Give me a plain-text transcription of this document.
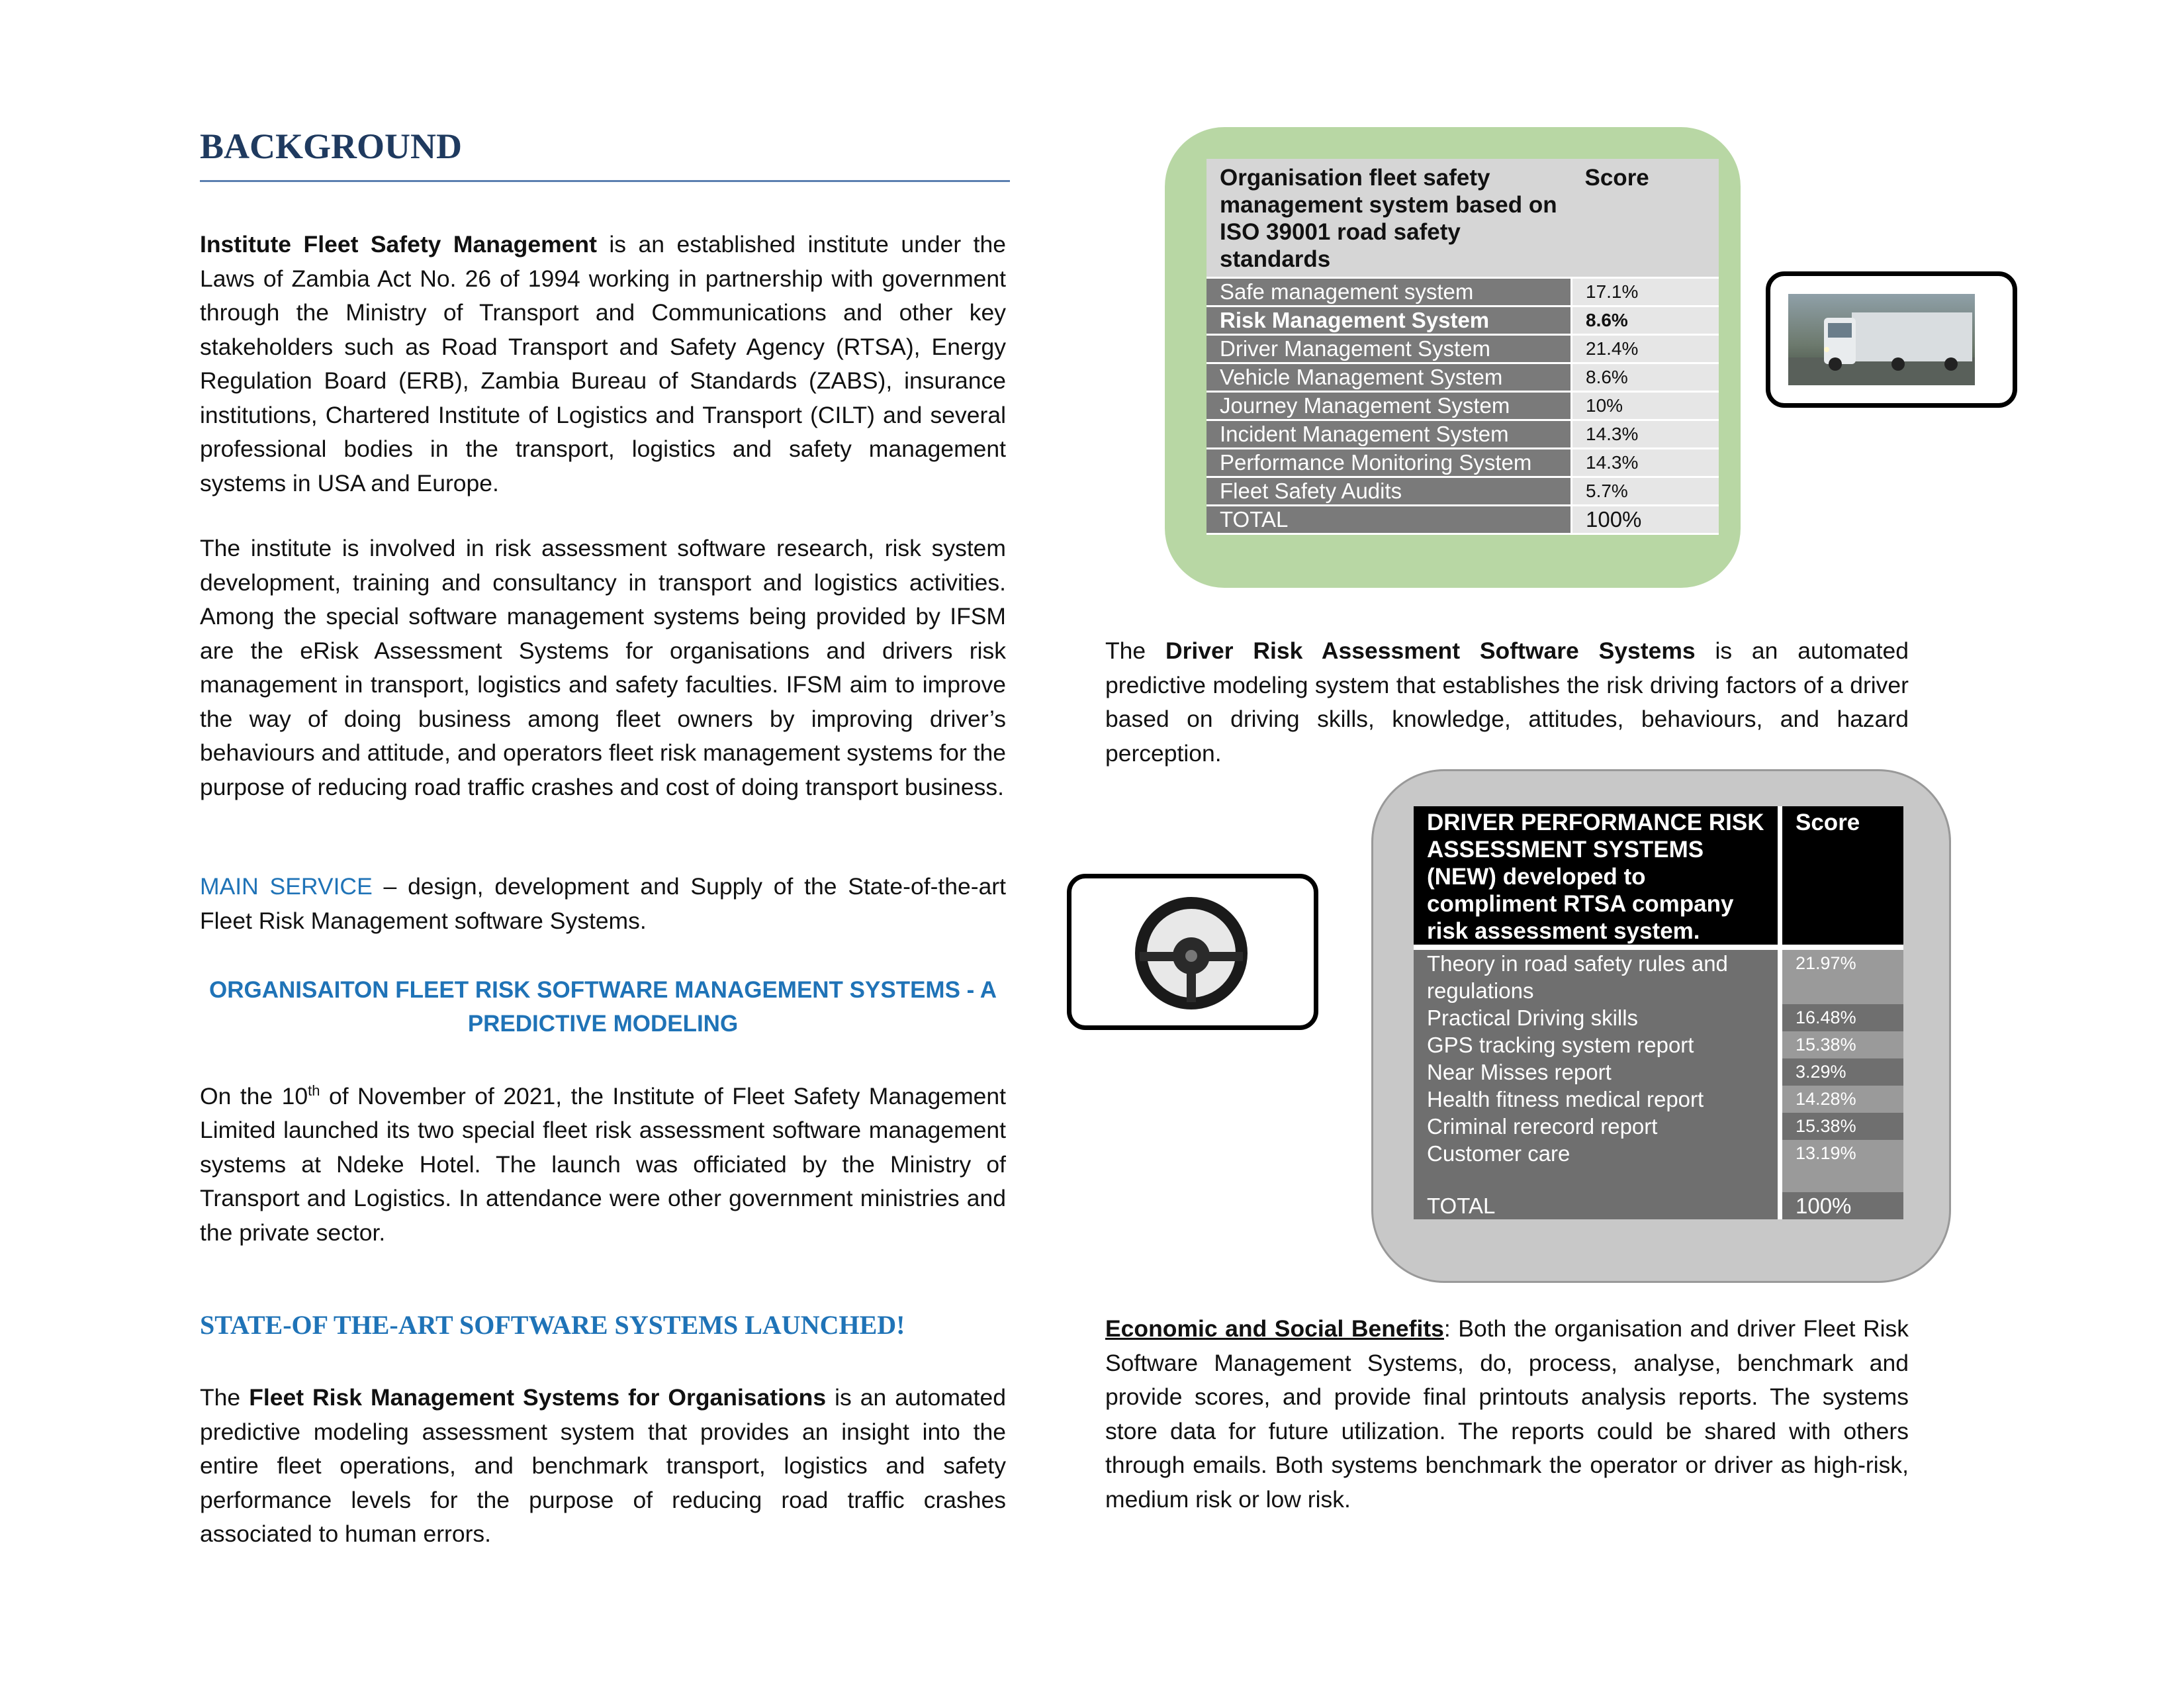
BACKGROUND

Institute Fleet Safety Management is an established institute under the Laws of Zambia Act No. 26 of 1994 working in partnership with government through the Ministry of Transport and Communications and other key stakeholders such as Road Transport and Safety Agency (RTSA), Energy Regulation Board (ERB), Zambia Bureau of Standards (ZABS), insurance institutions, Chartered Institute of Logistics and Transport (CILT) and several professional bodies in the transport, logistics and safety management systems in USA and Europe.

The institute is involved in risk assessment software research, risk system development, training and consultancy in transport and logistics activities. Among the special software management systems being provided by IFSM are the eRisk Assessment Systems for organisations and drivers risk management in transport, logistics and safety faculties. IFSM aim to improve the way of doing business among fleet owners by improving driver’s behaviours and attitude, and operators fleet risk management systems for the purpose of reducing road traffic crashes and cost of doing transport business.

MAIN SERVICE – design, development and Supply of the State-of-the-art Fleet Risk Management software Systems.

ORGANISAITON FLEET RISK SOFTWARE MANAGEMENT SYSTEMS - A
PREDICTIVE MODELING

On the 10th of November of 2021, the Institute of Fleet Safety Management Limited launched its two special fleet risk assessment software management systems at Ndeke Hotel. The launch was officiated by the Ministry of Transport and Logistics. In attendance were other government ministries and the private sector.

STATE-OF THE-ART SOFTWARE SYSTEMS LAUNCHED!

The Fleet Risk Management Systems for Organisations is an automated predictive modeling assessment system that provides an insight into the entire fleet operations, and benchmark transport, logistics and safety performance levels for the purpose of reducing road traffic crashes associated to human errors.

Organisation fleet safety management system based on ISO 39001 road safety standards	Score
Safe management system	17.1%
Risk Management System	8.6%
Driver Management System	21.4%
Vehicle Management System	8.6%
Journey Management System	10%
Incident Management System	14.3%
Performance Monitoring System	14.3%
Fleet Safety Audits	5.7%
TOTAL	100%

The Driver Risk Assessment Software Systems is an automated predictive modeling system that establishes the risk driving factors of a driver based on driving skills, knowledge, attitudes, behaviours, and hazard perception.

DRIVER PERFORMANCE RISK ASSESSMENT SYSTEMS (NEW) developed to compliment RTSA company risk assessment system.	Score

Theory in road safety rules and regulations	21.97%
Practical Driving skills	16.48%
GPS tracking system report	15.38%
Near Misses report	3.29%
Health fitness medical report	14.28%
Criminal rerecord report	15.38%
Customer care	13.19%

TOTAL	100%

Economic and Social Benefits: Both the organisation and driver Fleet Risk Software Management Systems, do, process, analyse, benchmark and provide scores, and provide final printouts analysis reports. The systems store data for future utilization. The reports could be shared with others through emails. Both systems benchmark the operator or driver as high-risk, medium risk or low risk.
